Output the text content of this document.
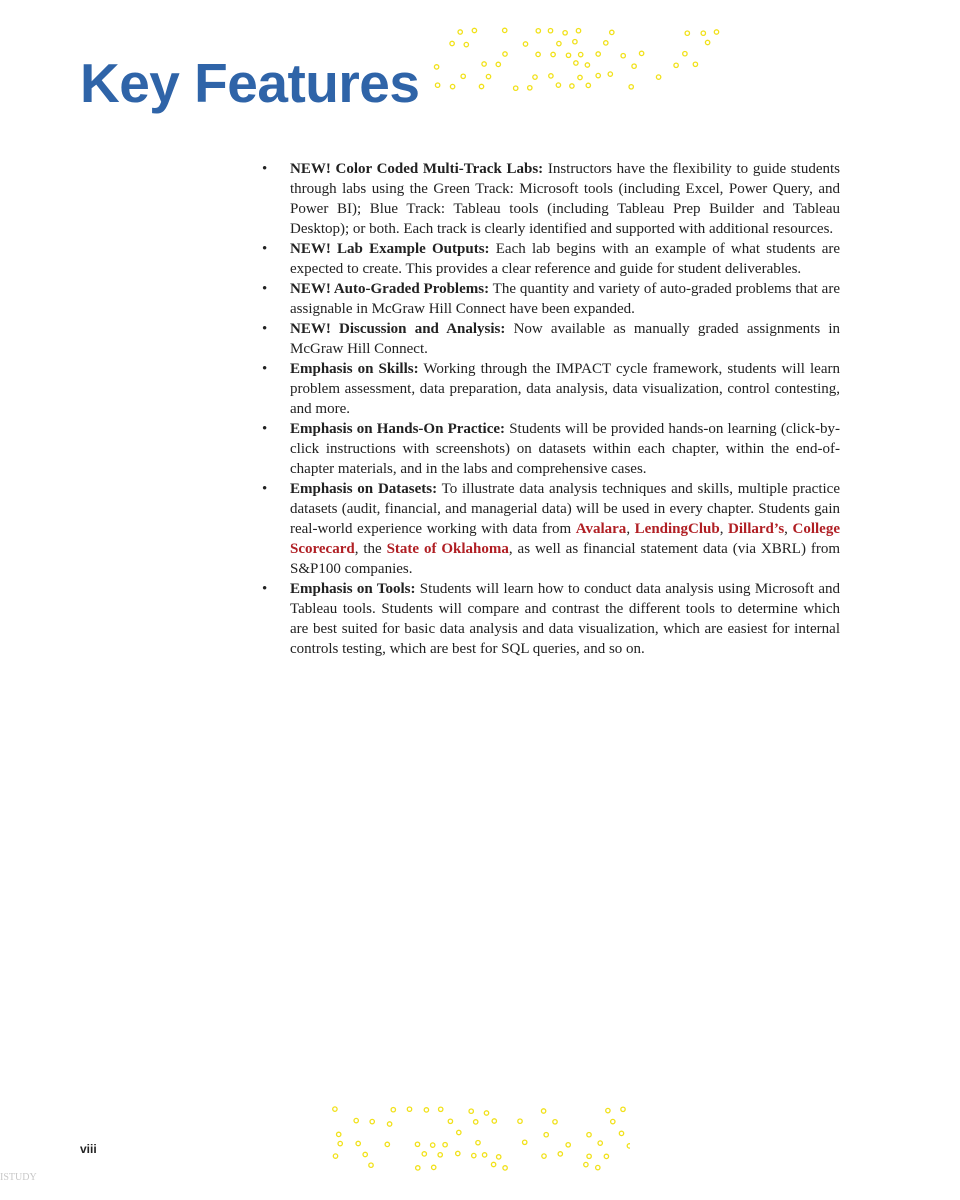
Key Features
• NEW! Color Coded Multi-Track Labs: Instructors have the flexibility to guide students through labs using the Green Track: Microsoft tools (including Excel, Power Query, and Power BI); Blue Track: Tableau tools (including Tableau Prep Builder and Tableau Desktop); or both. Each track is clearly identified and supported with additional resources.
• NEW! Lab Example Outputs: Each lab begins with an example of what students are expected to create. This provides a clear reference and guide for student deliverables.
• NEW! Auto-Graded Problems: The quantity and variety of auto-graded problems that are assignable in McGraw Hill Connect have been expanded.
• NEW! Discussion and Analysis: Now available as manually graded assignments in McGraw Hill Connect.
• Emphasis on Skills: Working through the IMPACT cycle framework, students will learn problem assessment, data preparation, data analysis, data visualization, control contesting, and more.
• Emphasis on Hands-On Practice: Students will be provided hands-on learning (click-by-click instructions with screenshots) on datasets within each chapter, within the end-of-chapter materials, and in the labs and comprehensive cases.
• Emphasis on Datasets: To illustrate data analysis techniques and skills, multiple practice datasets (audit, financial, and managerial data) will be used in every chapter. Students gain real-world experience working with data from Avalara, LendingClub, Dillard’s, College Scorecard, the State of Oklahoma, as well as financial statement data (via XBRL) from S&P100 companies.
• Emphasis on Tools: Students will learn how to conduct data analysis using Microsoft and Tableau tools. Students will compare and contrast the different tools to determine which are best suited for basic data analysis and data visualization, which are easiest for internal controls testing, which are best for SQL queries, and so on.
viii
ISTUDY
